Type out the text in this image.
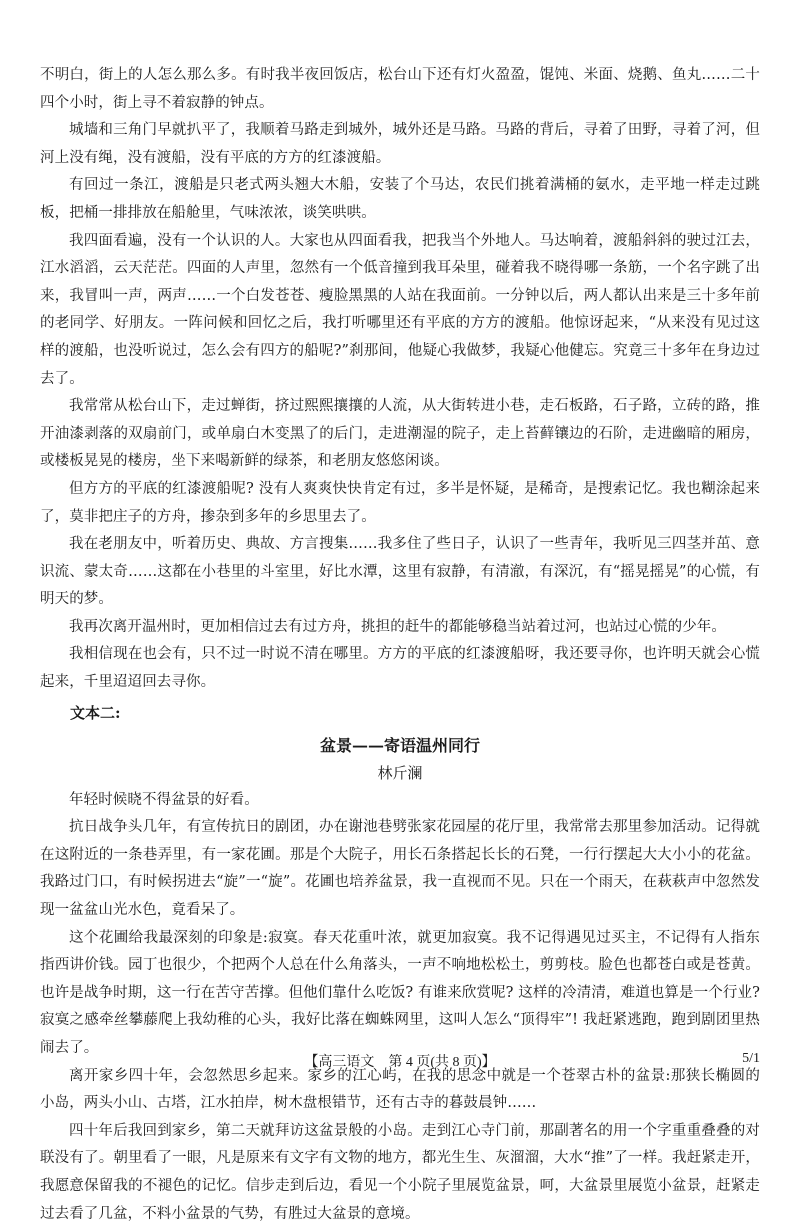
不明白，街上的人怎么那么多。有时我半夜回饭店，松台山下还有灯火盈盈，馄饨、米面、烧鹅、鱼丸……二十四个小时，街上寻不着寂静的钟点。

城墙和三角门早就扒平了，我顺着马路走到城外，城外还是马路。马路的背后，寻着了田野，寻着了河，但河上没有绳，没有渡船，没有平底的方方的红漆渡船。

有回过一条江，渡船是只老式两头翘大木船，安装了个马达，农民们挑着满桶的氨水，走平地一样走过跳板，把桶一排排放在船舱里，气味浓浓，谈笑哄哄。

我四面看遍，没有一个认识的人。大家也从四面看我，把我当个外地人。马达响着，渡船斜斜的驶过江去，江水滔滔，云天茫茫。四面的人声里，忽然有一个低音撞到我耳朵里，碰着我不晓得哪一条筋，一个名字跳了出来，我冒叫一声，两声……一个白发苍苍、瘦脸黑黑的人站在我面前。一分钟以后，两人都认出来是三十多年前的老同学、好朋友。一阵问候和回忆之后，我打听哪里还有平底的方方的渡船。他惊讶起来，“从来没有见过这样的渡船，也没听说过，怎么会有四方的船呢?”刹那间，他疑心我做梦，我疑心他健忘。究竟三十多年在身边过去了。

我常常从松台山下，走过蝉街，挤过熙熙攘攘的人流，从大街转进小巷，走石板路，石子路，立砖的路，推开油漆剥落的双扇前门，或单扇白木变黑了的后门，走进潮湿的院子，走上苔藓镶边的石阶，走进幽暗的厢房，或楼板晃晃的楼房，坐下来喝新鲜的绿茶，和老朋友悠悠闲谈。

但方方的平底的红漆渡船呢? 没有人爽爽快快肯定有过，多半是怀疑，是稀奇，是搜索记忆。我也糊涂起来了，莫非把庄子的方舟，掺杂到多年的乡思里去了。

我在老朋友中，听着历史、典故、方言搜集……我多住了些日子，认识了一些青年，我听见三四茎并茁、意识流、蒙太奇……这都在小巷里的斗室里，好比水潭，这里有寂静，有清澈，有深沉，有“摇晃摇晃”的心慌，有明天的梦。

我再次离开温州时，更加相信过去有过方舟，挑担的赶牛的都能够稳当站着过河，也站过心慌的少年。

我相信现在也会有，只不过一时说不清在哪里。方方的平底的红漆渡船呀，我还要寻你，也许明天就会心慌起来，千里迢迢回去寻你。

文本二:
盆景——寄语温州同行
林斤澜

年轻时候晓不得盆景的好看。

抗日战争头几年，有宣传抗日的剧团，办在谢池巷劈张家花园屋的花厅里，我常常去那里参加活动。记得就在这附近的一条巷弄里，有一家花圃。那是个大院子，用长石条搭起长长的石凳，一行行摆起大大小小的花盆。我路过门口，有时候拐进去“旋”一“旋”。花圃也培养盆景，我一直视而不见。只在一个雨天，在萩萩声中忽然发现一盆盆山光水色，竟看呆了。

这个花圃给我最深刻的印象是:寂寞。春天花重叶浓，就更加寂寞。我不记得遇见过买主，不记得有人指东指西讲价钱。园丁也很少，个把两个人总在什么角落头，一声不响地松松土，剪剪枝。脸色也都苍白或是苍黄。也许是战争时期，这一行在苦守苦撑。但他们靠什么吃饭? 有谁来欣赏呢? 这样的冷清清，难道也算是一个行业? 寂寞之感牵丝攀藤爬上我幼稚的心头，我好比落在蜘蛛网里，这叫人怎么“顶得牢”! 我赶紧逃跑，跑到剧团里热闹去了。

离开家乡四十年，会忽然思乡起来。家乡的江心屿，在我的思念中就是一个苍翠古朴的盆景:那狭长椭圆的小岛，两头小山、古塔，江水拍岸，树木盘根错节，还有古寺的暮鼓晨钟……

四十年后我回到家乡，第二天就拜访这盆景般的小岛。走到江心寺门前，那副著名的用一个字重重叠叠的对联没有了。朝里看了一眼，凡是原来有文字有文物的地方，都光生生、灰溜溜，大水“推”了一样。我赶紧走开，我愿意保留我的不褪色的记忆。信步走到后边，看见一个小院子里展览盆景，呵，大盆景里展览小盆景，赶紧走过去看了几盆，不料小盆景的气势，有胜过大盆景的意境。

【高三语文　第 4 页(共 8 页)】	5/1
